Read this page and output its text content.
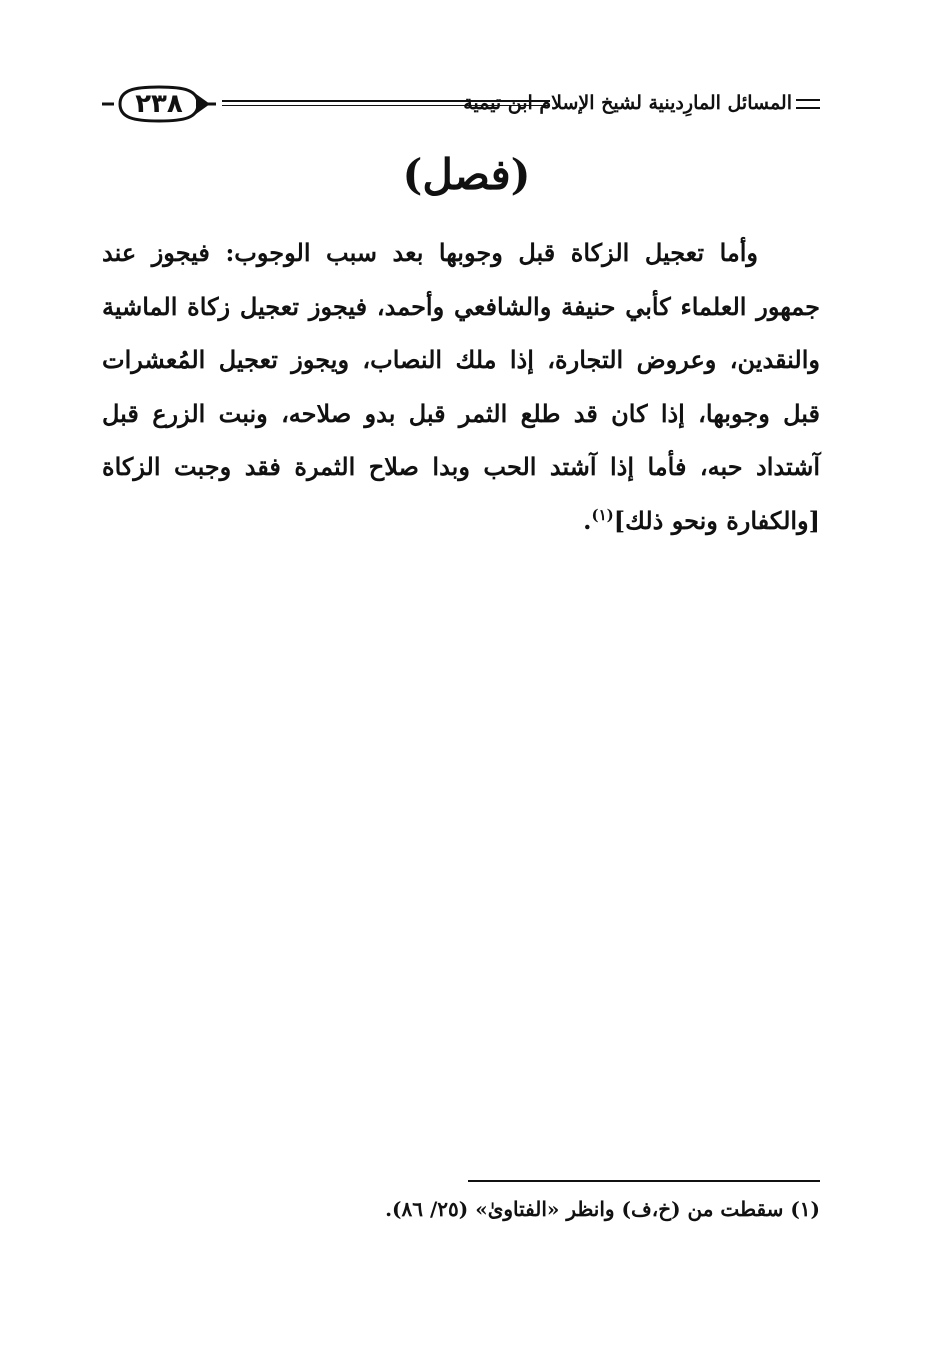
٢٣٨	المسائل المارِدينية لشيخ الإسلام ابن تيمية
(فصل)

وأما تعجيل الزكاة قبل وجوبها بعد سبب الوجوب: فيجوز عند جمهور العلماء كأبي حنيفة والشافعي وأحمد، فيجوز تعجيل زكاة الماشية والنقدين، وعروض التجارة، إذا ملك النصاب، ويجوز تعجيل المُعشرات قبل وجوبها، إذا كان قد طلع الثمر قبل بدو صلاحه، ونبت الزرع قبل آشتداد حبه، فأما إذا آشتد الحب وبدا صلاح الثمرة فقد وجبت الزكاة [والكفارة ونحو ذلك]$^{(١)}$.

(١) سقطت من (خ،ف) وانظر «الفتاوىٰ» (٢٥/ ٨٦).
